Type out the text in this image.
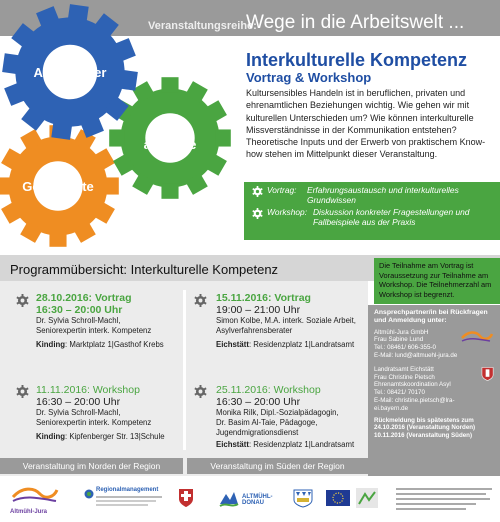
Veranstaltungsreihe:
Wege in die Arbeitswelt ...
Arbeitgeber
Ehren-
amtliche
Geflüchtete
Interkulturelle Kompetenz
Vortrag & Workshop
Kultursensibles Handeln ist in beruflichen, privaten und ehrenamtlichen Beziehungen wichtig. Wie gehen wir mit kulturellen Unterschieden um? Wie können interkulturelle Missverständnisse in der Kommunikation entstehen? Theoretische Inputs und der Erwerb von praktischem Know-how stehen im Mittelpunkt dieser Veranstaltung.
Vortrag:	Erfahrungsaustausch und interkulturelles Grundwissen
Workshop: Diskussion konkreter Fragestellungen und Fallbeispiele aus der Praxis
Programmübersicht: Interkulturelle Kompetenz	Die Teilnahme am Vortrag ist Voraussetzung zur Teilnahme am Workshop. Die Teilnehmerzahl am Workshop ist begrenzt.
28.10.2016: Vortrag
16:30 – 20:00 Uhr
Dr. Sylvia Schroll-Machl,
Seniorexpertin interk. Kompetenz
Kinding: Marktplatz 1|Gasthof Krebs
11.11.2016: Workshop
16:30 – 20:00 Uhr
Dr. Sylvia Schroll-Machl,
Seniorexpertin interk. Kompetenz
Kinding: Kipfenberger Str. 13|Schule
15.11.2016: Vortrag
19:00 – 21:00 Uhr
Simon Kolbe, M.A. interk. Soziale Arbeit,
Asylverfahrensberater
Eichstätt: Residenzplatz 1|Landratsamt
25.11.2016: Workshop
16:30 – 20:00 Uhr
Monika Rilk, Dipl.-Sozialpädagogin,
Dr. Basim Al-Taie, Pädagoge,
Jugendmigrationsdienst
Eichstätt: Residenzplatz 1|Landratsamt
Veranstaltung im Norden der Region	Veranstaltung im Süden der Region
Ansprechpartner/in bei Rückfragen und Anmeldung unter:
Altmühl-Jura GmbH
Frau Sabine Lund
Tel.: 08461/ 606-355-0
E-Mail: lund@altmuehl-jura.de
Landratsamt Eichstätt
Frau Christine Pietsch
Ehrenamtskoordination Asyl
Tel.: 08421/ 70170
E-Mail: christine.pietsch@lra-ei.bayern.de
Rückmeldung bis spätestens zum
24.10.2016 (Veranstaltung Norden)
10.11.2016 (Veranstaltung Süden)
Altmühl-Jura
Regionalmanagement
ALTMÜHL-DONAU
